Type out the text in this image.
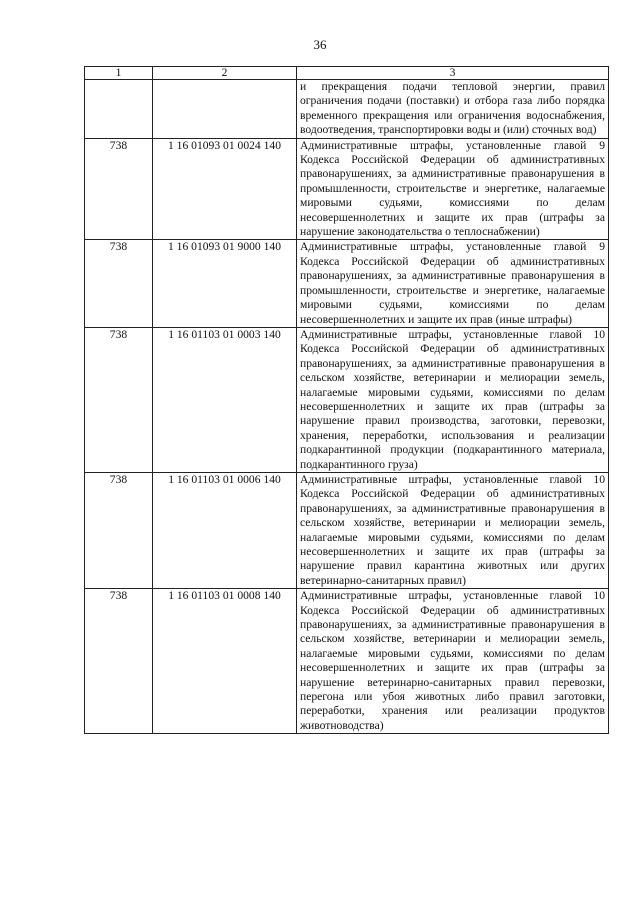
36
1	2	3
		и прекращения подачи тепловой энергии, правил ограничения подачи (поставки) и отбора газа либо порядка временного прекращения или ограничения водоснабжения, водоотведения, транспортировки воды и (или) сточных вод)
738	1 16 01093 01 0024 140	Административные штрафы, установленные главой 9 Кодекса Российской Федерации об административных правонарушениях, за административные правонарушения в промышленности, строительстве и энергетике, налагаемые мировыми судьями, комиссиями по делам несовершеннолетних и защите их прав (штрафы за нарушение законодательства о теплоснабжении)
738	1 16 01093 01 9000 140	Административные штрафы, установленные главой 9 Кодекса Российской Федерации об административных правонарушениях, за административные правонарушения в промышленности, строительстве и энергетике, налагаемые мировыми судьями, комиссиями по делам несовершеннолетних и защите их прав (иные штрафы)
738	1 16 01103 01 0003 140	Административные штрафы, установленные главой 10 Кодекса Российской Федерации об административных правонарушениях, за административные правонарушения в сельском хозяйстве, ветеринарии и мелиорации земель, налагаемые мировыми судьями, комиссиями по делам несовершеннолетних и защите их прав (штрафы за нарушение правил производства, заготовки, перевозки, хранения, переработки, использования и реализации подкарантинной продукции (подкарантинного материала, подкарантинного груза)
738	1 16 01103 01 0006 140	Административные штрафы, установленные главой 10 Кодекса Российской Федерации об административных правонарушениях, за административные правонарушения в сельском хозяйстве, ветеринарии и мелиорации земель, налагаемые мировыми судьями, комиссиями по делам несовершеннолетних и защите их прав (штрафы за нарушение правил карантина животных или других ветеринарно-санитарных правил)
738	1 16 01103 01 0008 140	Административные штрафы, установленные главой 10 Кодекса Российской Федерации об административных правонарушениях, за административные правонарушения в сельском хозяйстве, ветеринарии и мелиорации земель, налагаемые мировыми судьями, комиссиями по делам несовершеннолетних и защите их прав (штрафы за нарушение ветеринарно-санитарных правил перевозки, перегона или убоя животных либо правил заготовки, переработки, хранения или реализации продуктов животноводства)
